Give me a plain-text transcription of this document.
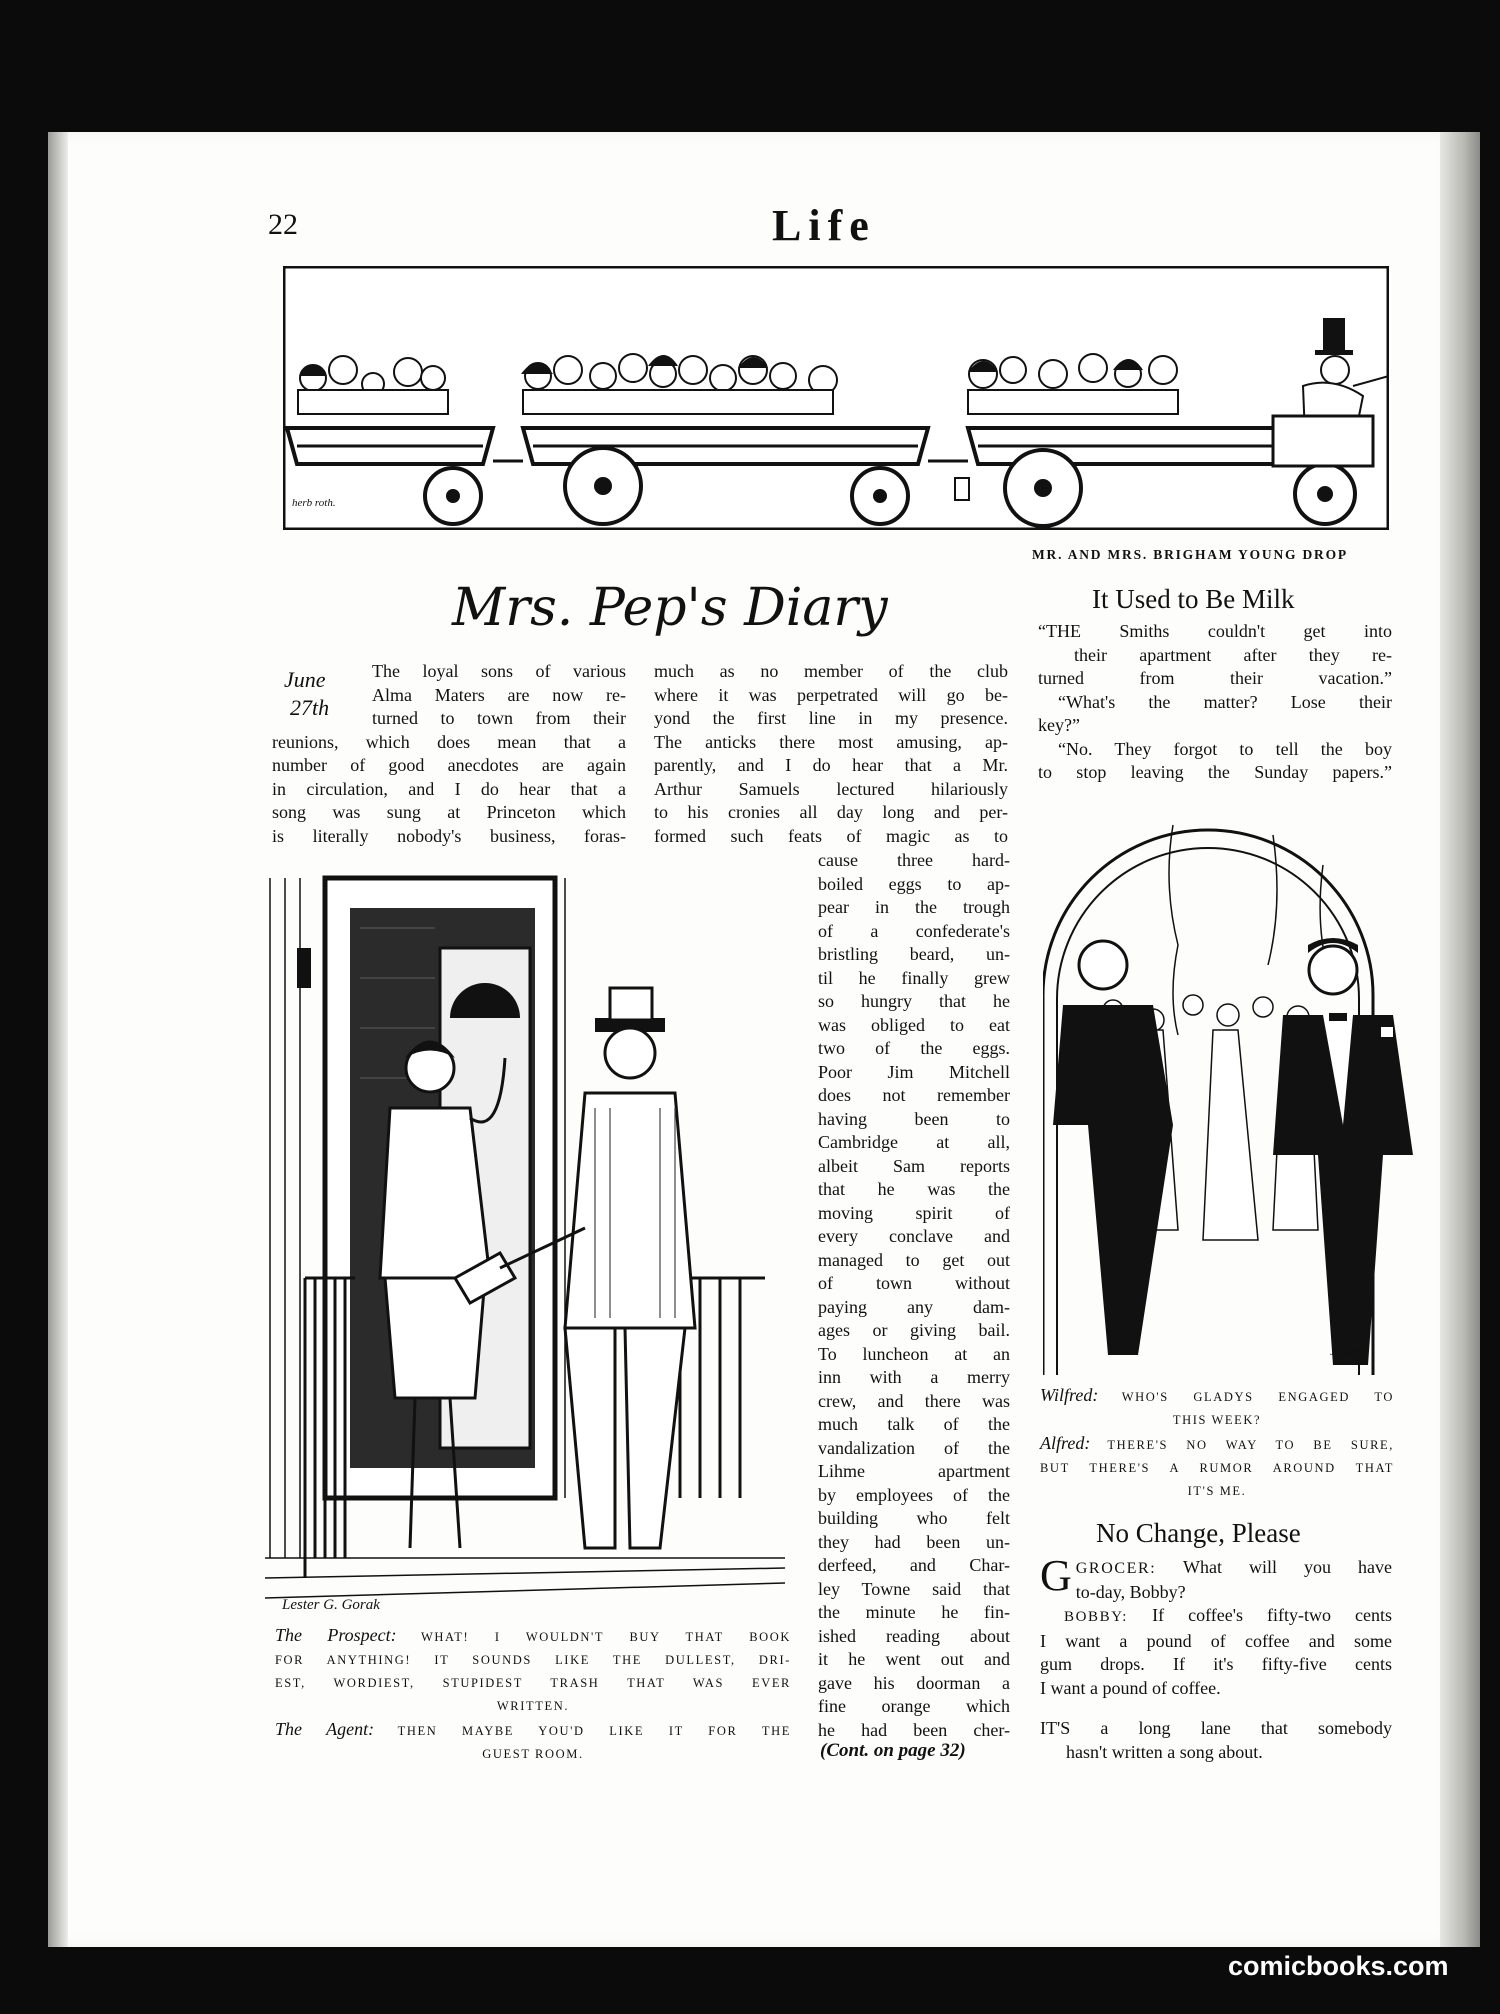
22	Life
herb roth.
MR. AND MRS. BRIGHAM YOUNG DROP
Mrs. Pep's Diary
June
27th
The loyal sons of various
Alma Maters are now re-
turned to town from their
reunions, which does mean that a
number of good anecdotes are again
in circulation, and I do hear that a
song was sung at Princeton which
is literally nobody's business, foras-
much as no member of the club
where it was perpetrated will go be-
yond the first line in my presence.
The anticks there most amusing, ap-
parently, and I do hear that a Mr.
Arthur Samuels lectured hilariously
to his cronies all day long and per-
formed such feats of magic as to
cause three hard-
boiled eggs to ap-
pear in the trough
of a confederate's
bristling beard, un-
til he finally grew
so hungry that he
was obliged to eat
two of the eggs.
Poor Jim Mitchell
does not remember
having been to
Cambridge at all,
albeit Sam reports
that he was the
moving spirit of
every conclave and
managed to get out
of town without
paying any dam-
ages or giving bail.
To luncheon at an
inn with a merry
crew, and there was
much talk of the
vandalization of the
Lihme apartment
by employees of the
building who felt
they had been un-
derfeed, and Char-
ley Towne said that
the minute he fin-
ished reading about
it he went out and
gave his doorman a
fine orange which
he had been cher-
(Cont. on page 32)
Lester G. Gorak
The Prospect: WHAT! I WOULDN'T BUY THAT BOOK
FOR ANYTHING! IT SOUNDS LIKE THE DULLEST, DRI-
EST, WORDIEST, STUPIDEST TRASH THAT WAS EVER
WRITTEN.
The Agent: THEN MAYBE YOU'D LIKE IT FOR THE
GUEST ROOM.
It Used to Be Milk
“THE Smiths couldn't get into
their apartment after they re-
turned from their vacation.”
“What's the matter? Lose their
key?”
“No. They forgot to tell the boy
to stop leaving the Sunday papers.”
J. Held
Wilfred: WHO'S GLADYS ENGAGED TO
THIS WEEK?
Alfred: THERE'S NO WAY TO BE SURE,
BUT THERE'S A RUMOR AROUND THAT
IT'S ME.
No Change, Please
G GROCER: What will you have
to-day, Bobby?
BOBBY: If coffee's fifty-two cents
I want a pound of coffee and some
gum drops. If it's fifty-five cents
I want a pound of coffee.
IT'S a long lane that somebody
hasn't written a song about.
comicbooks.com
